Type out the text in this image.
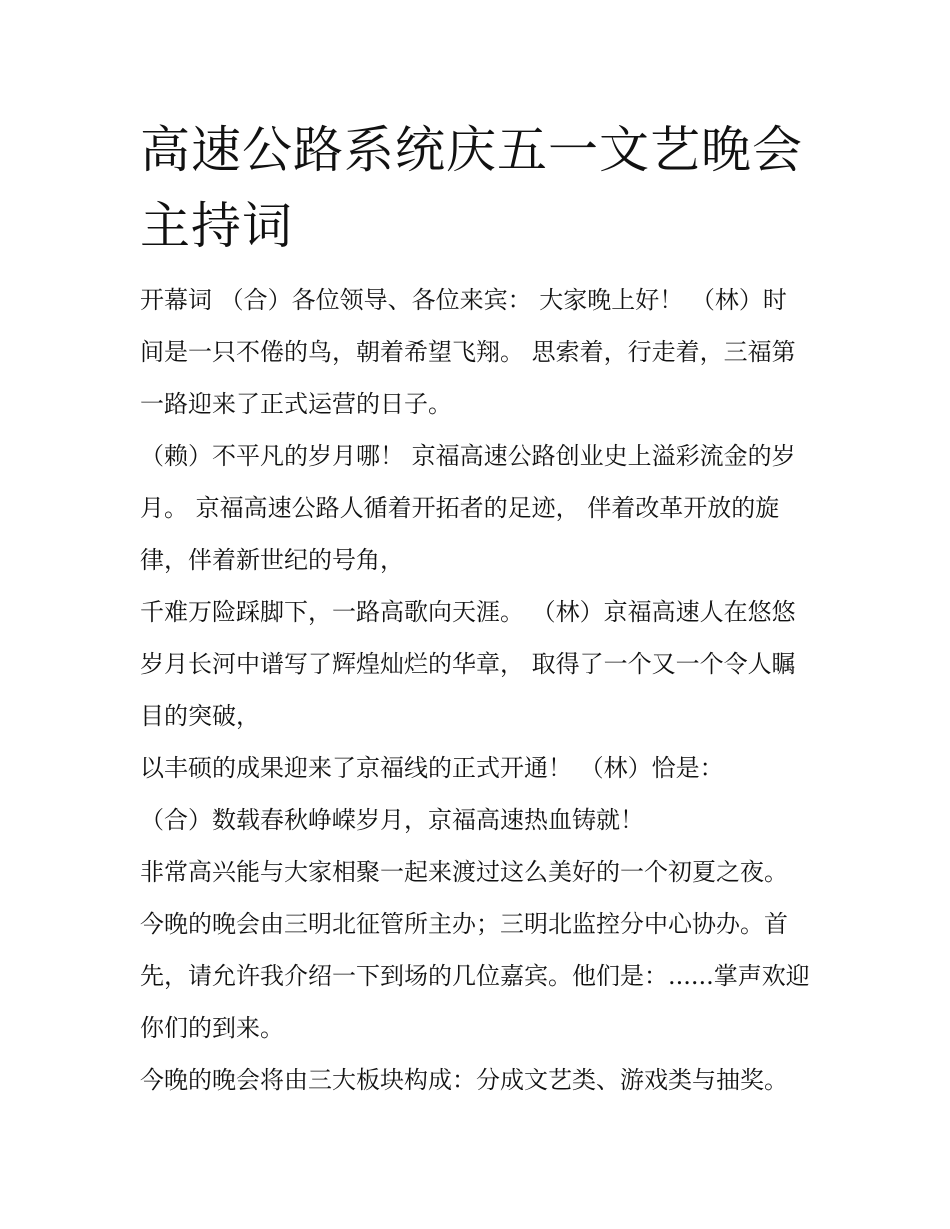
高速公路系统庆五一文艺晚会主持词

开幕词 （合）各位领导、各位来宾： 大家晚上好！ （林）时间是一只不倦的鸟，朝着希望飞翔。 思索着，行走着，三福第一路迎来了正式运营的日子。

（赖）不平凡的岁月哪！ 京福高速公路创业史上溢彩流金的岁月。 京福高速公路人循着开拓者的足迹， 伴着改革开放的旋律，伴着新世纪的号角，

千难万险踩脚下，一路高歌向天涯。 （林）京福高速人在悠悠岁月长河中谱写了辉煌灿烂的华章， 取得了一个又一个令人瞩目的突破，

以丰硕的成果迎来了京福线的正式开通！ （林）恰是：

（合）数载春秋峥嵘岁月，京福高速热血铸就！

非常高兴能与大家相聚一起来渡过这么美好的一个初夏之夜。今晚的晚会由三明北征管所主办；三明北监控分中心协办。首先，请允许我介绍一下到场的几位嘉宾。他们是：......掌声欢迎你们的到来。

今晚的晚会将由三大板块构成：分成文艺类、游戏类与抽奖。
